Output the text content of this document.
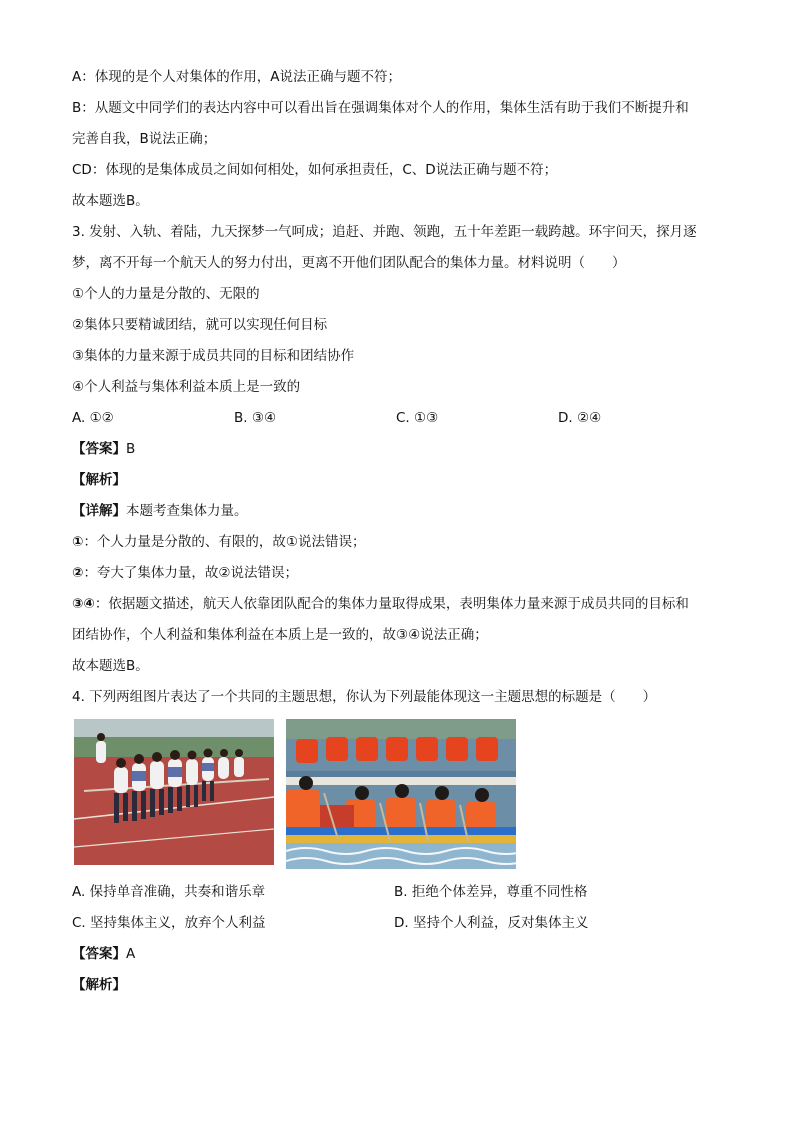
A：体现的是个人对集体的作用，A说法正确与题不符；
B：从题文中同学们的表达内容中可以看出旨在强调集体对个人的作用，集体生活有助于我们不断提升和
完善自我，B说法正确；
CD：体现的是集体成员之间如何相处，如何承担责任，C、D说法正确与题不符；
故本题选B。
3. 发射、入轨、着陆，九天探梦一气呵成；追赶、并跑、领跑，五十年差距一载跨越。环宇问天，探月逐
梦，离不开每一个航天人的努力付出，更离不开他们团队配合的集体力量。材料说明（　　）
①个人的力量是分散的、无限的
②集体只要精诚团结，就可以实现任何目标
③集体的力量来源于成员共同的目标和团结协作
④个人利益与集体利益本质上是一致的
A. ①②	B. ③④	C. ①③	D. ②④
【答案】B
【解析】
【详解】本题考查集体力量。
①：个人力量是分散的、有限的，故①说法错误；
②：夸大了集体力量，故②说法错误；
③④：依据题文描述，航天人依靠团队配合的集体力量取得成果，表明集体力量来源于成员共同的目标和
团结协作，个人利益和集体利益在本质上是一致的，故③④说法正确；
故本题选B。
4. 下列两组图片表达了一个共同的主题思想，你认为下列最能体现这一主题思想的标题是（　　）
A. 保持单音准确，共奏和谐乐章	B. 拒绝个体差异，尊重不同性格
C. 坚持集体主义，放弃个人利益	D. 坚持个人利益，反对集体主义
【答案】A
【解析】
